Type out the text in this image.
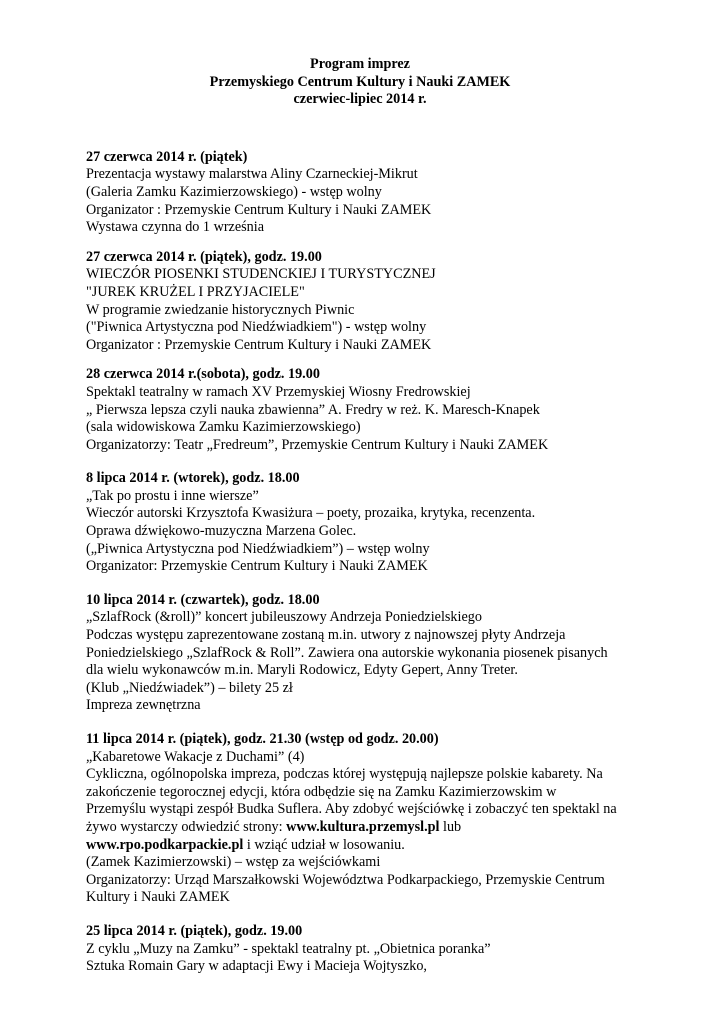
Program imprez
Przemyskiego Centrum Kultury i Nauki ZAMEK
czerwiec-lipiec 2014 r.
27 czerwca 2014 r. (piątek)
Prezentacja wystawy malarstwa Aliny Czarneckiej-Mikrut
(Galeria Zamku Kazimierzowskiego) - wstęp wolny
Organizator : Przemyskie Centrum Kultury i Nauki ZAMEK
Wystawa czynna do 1 września
27 czerwca 2014 r. (piątek), godz. 19.00
WIECZÓR PIOSENKI STUDENCKIEJ I TURYSTYCZNEJ
"JUREK KRUŻEL I PRZYJACIELE"
W programie zwiedzanie historycznych Piwnic
("Piwnica Artystyczna pod Niedźwiadkiem") - wstęp wolny
Organizator : Przemyskie Centrum Kultury i Nauki ZAMEK
28 czerwca 2014 r.(sobota), godz. 19.00
Spektakl teatralny w ramach XV Przemyskiej Wiosny Fredrowskiej
„ Pierwsza lepsza czyli nauka zbawienna” A. Fredry w reż. K. Maresch-Knapek
(sala widowiskowa Zamku Kazimierzowskiego)
Organizatorzy: Teatr „Fredreum”, Przemyskie Centrum Kultury i Nauki ZAMEK
8 lipca 2014 r. (wtorek), godz. 18.00
„Tak po prostu i inne wiersze”
Wieczór autorski Krzysztofa Kwasiżura – poety, prozaika, krytyka, recenzenta.
Oprawa dźwiękowo-muzyczna Marzena Golec.
(„Piwnica Artystyczna pod Niedźwiadkiem”) – wstęp wolny
Organizator: Przemyskie Centrum Kultury i Nauki ZAMEK
10 lipca 2014 r. (czwartek), godz. 18.00
„SzlafRock (&roll)” koncert jubileuszowy Andrzeja Poniedzielskiego
Podczas występu zaprezentowane zostaną m.in. utwory z najnowszej płyty Andrzeja
Poniedzielskiego „SzlafRock & Roll”. Zawiera ona autorskie wykonania piosenek pisanych
dla wielu wykonawców m.in. Maryli Rodowicz, Edyty Gepert, Anny Treter.
(Klub „Niedźwiadek”) – bilety 25 zł
Impreza zewnętrzna
11 lipca 2014 r. (piątek), godz. 21.30 (wstęp od godz. 20.00)
„Kabaretowe Wakacje z Duchami” (4)
Cykliczna, ogólnopolska impreza, podczas której występują najlepsze polskie kabarety. Na
zakończenie tegorocznej edycji, która odbędzie się na Zamku Kazimierzowskim w
Przemyślu wystąpi zespół Budka Suflera. Aby zdobyć wejściówkę i zobaczyć ten spektakl na
żywo wystarczy odwiedzić strony: www.kultura.przemysl.pl lub
www.rpo.podkarpackie.pl i wziąć udział w losowaniu.
(Zamek Kazimierzowski) – wstęp za wejściówkami
Organizatorzy: Urząd Marszałkowski Województwa Podkarpackiego, Przemyskie Centrum
Kultury i Nauki ZAMEK
25 lipca 2014 r. (piątek), godz. 19.00
Z cyklu „Muzy na Zamku” - spektakl teatralny pt. „Obietnica poranka”
Sztuka Romain Gary w adaptacji Ewy i Macieja Wojtyszko,
